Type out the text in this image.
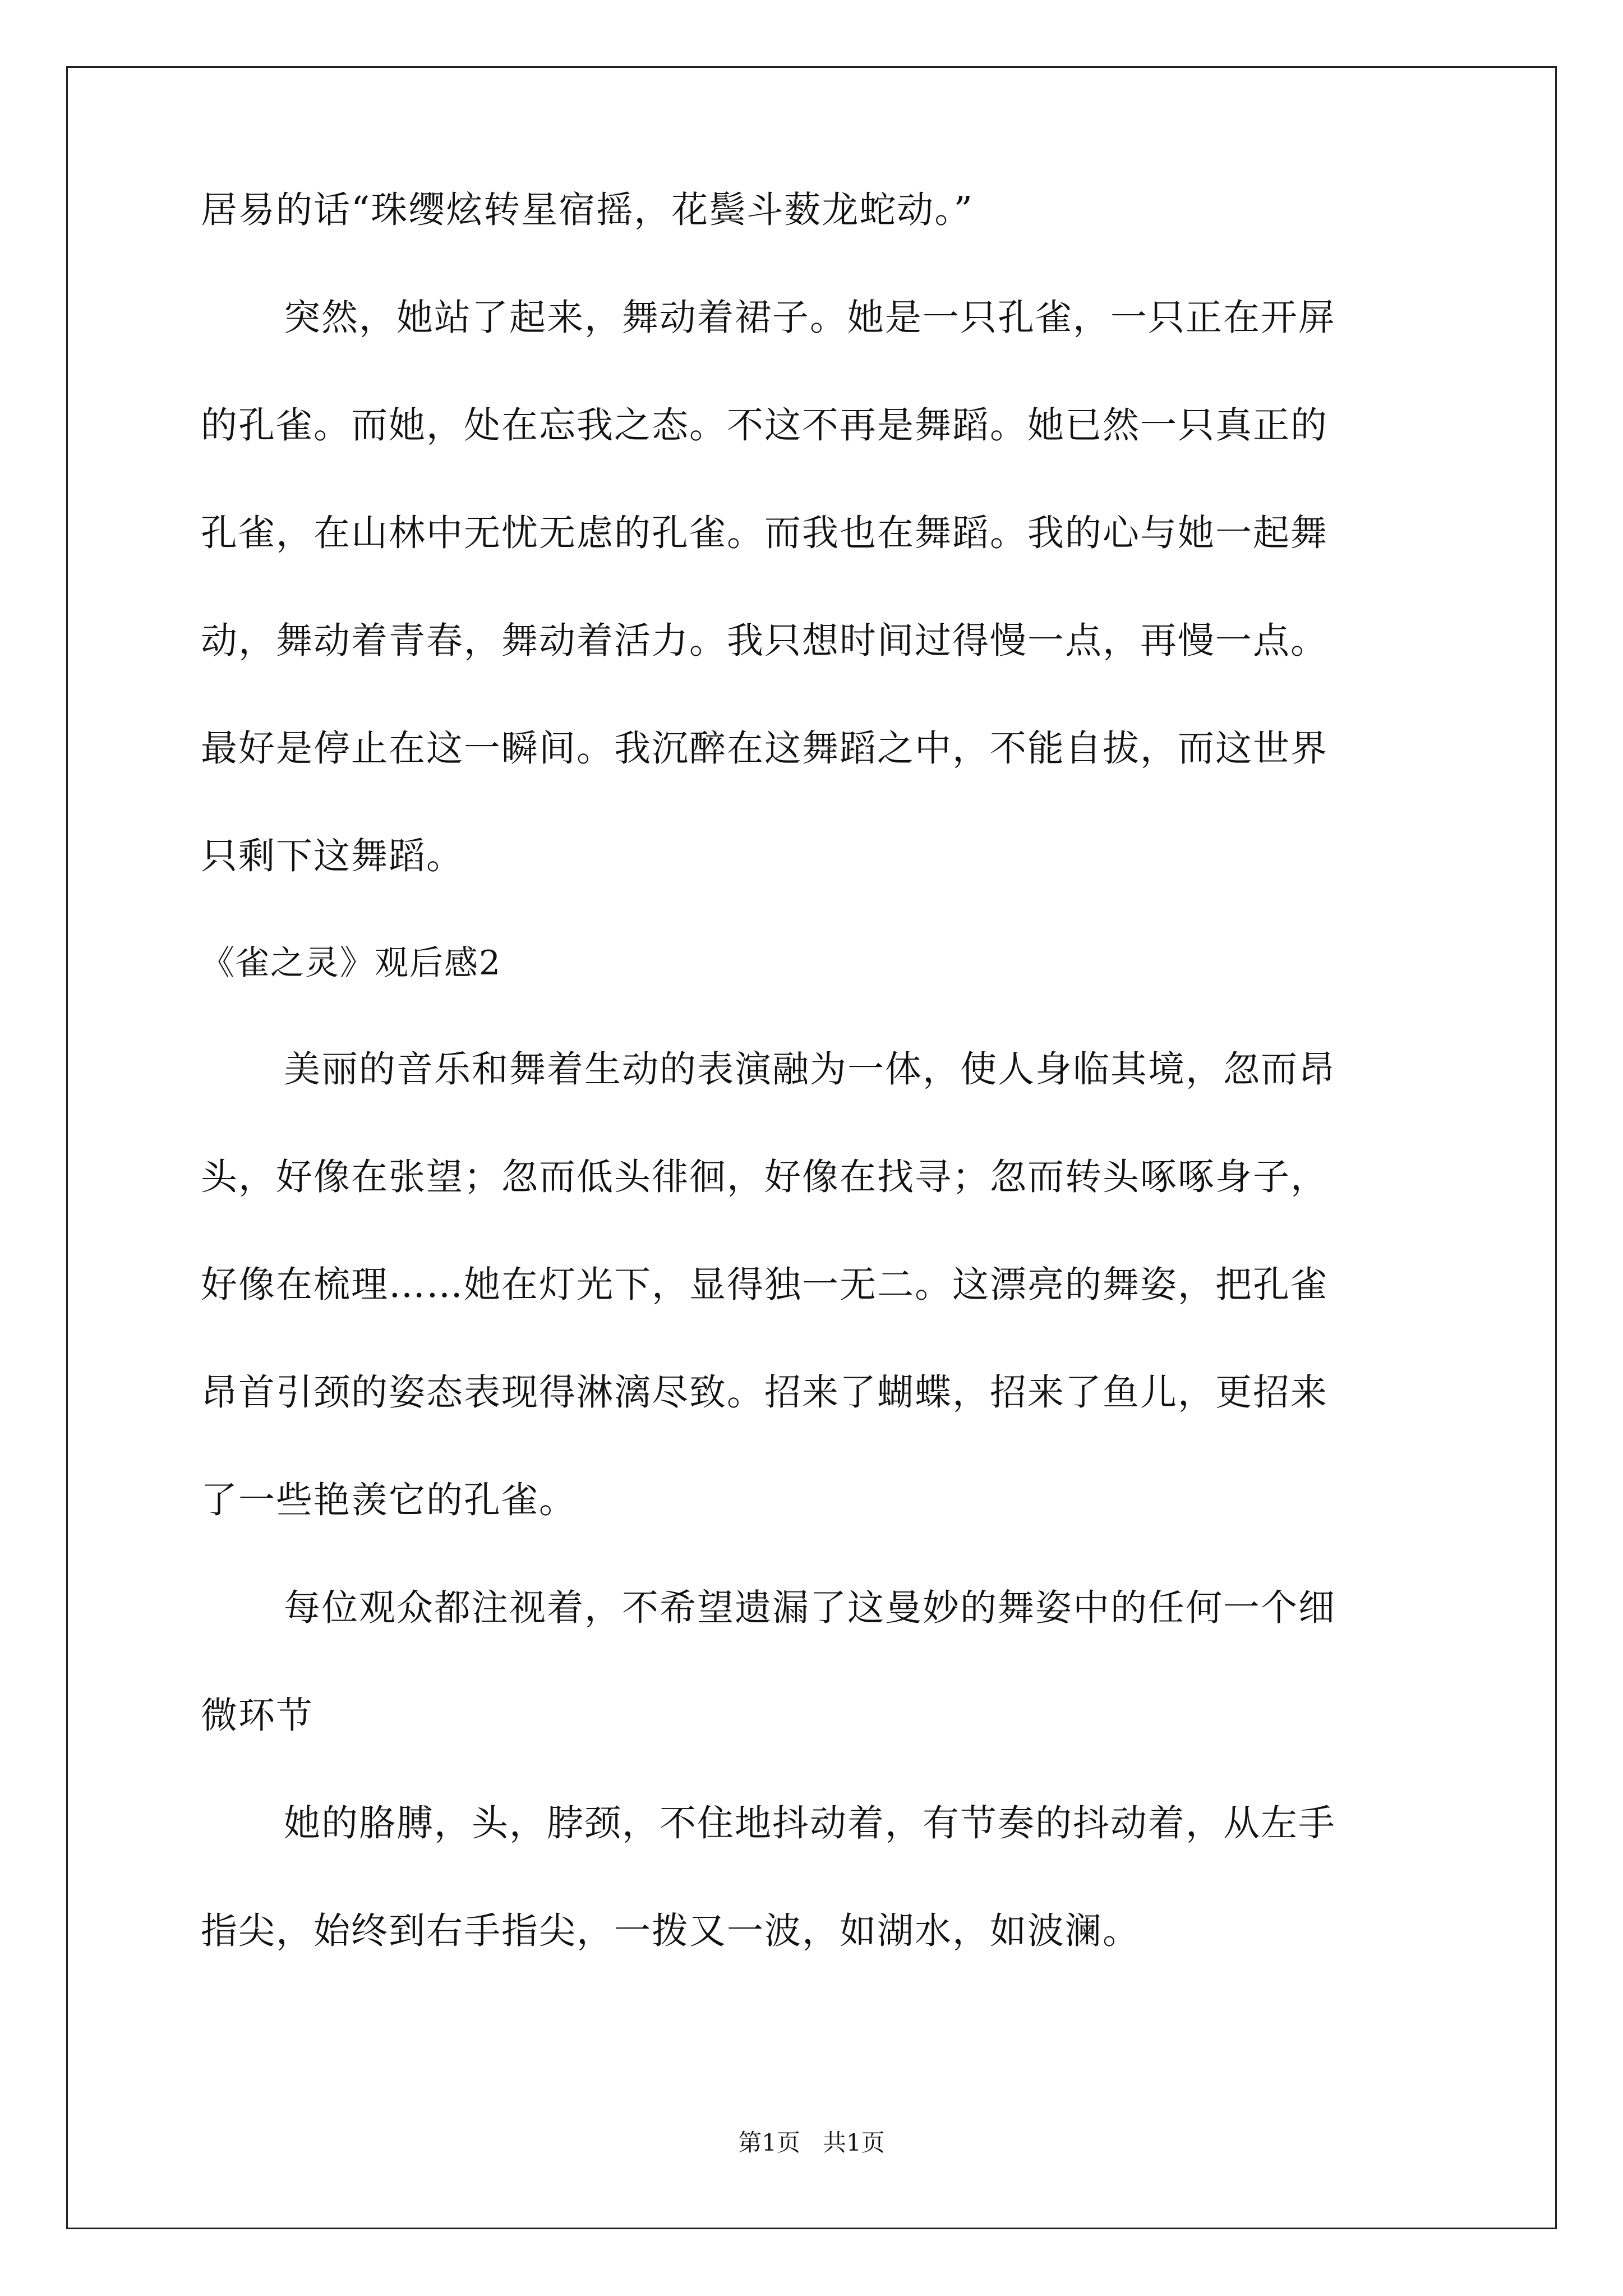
居易的话“珠缨炫转星宿摇，花鬓斗薮龙蛇动。”
突然，她站了起来，舞动着裙子。她是一只孔雀，一只正在开屏
的孔雀。而她，处在忘我之态。不这不再是舞蹈。她已然一只真正的
孔雀，在山林中无忧无虑的孔雀。而我也在舞蹈。我的心与她一起舞
动，舞动着青春，舞动着活力。我只想时间过得慢一点，再慢一点。
最好是停止在这一瞬间。我沉醉在这舞蹈之中，不能自拔，而这世界
只剩下这舞蹈。
《雀之灵》观后感2
美丽的音乐和舞着生动的表演融为一体，使人身临其境，忽而昂
头，好像在张望；忽而低头徘徊，好像在找寻；忽而转头啄啄身子，
好像在梳理……她在灯光下，显得独一无二。这漂亮的舞姿，把孔雀
昂首引颈的姿态表现得淋漓尽致。招来了蝴蝶，招来了鱼儿，更招来
了一些艳羡它的孔雀。
每位观众都注视着，不希望遗漏了这曼妙的舞姿中的任何一个细
微环节
她的胳膊，头，脖颈，不住地抖动着，有节奏的抖动着，从左手
指尖，始终到右手指尖，一拨又一波，如湖水，如波澜。
第1页   共1页
